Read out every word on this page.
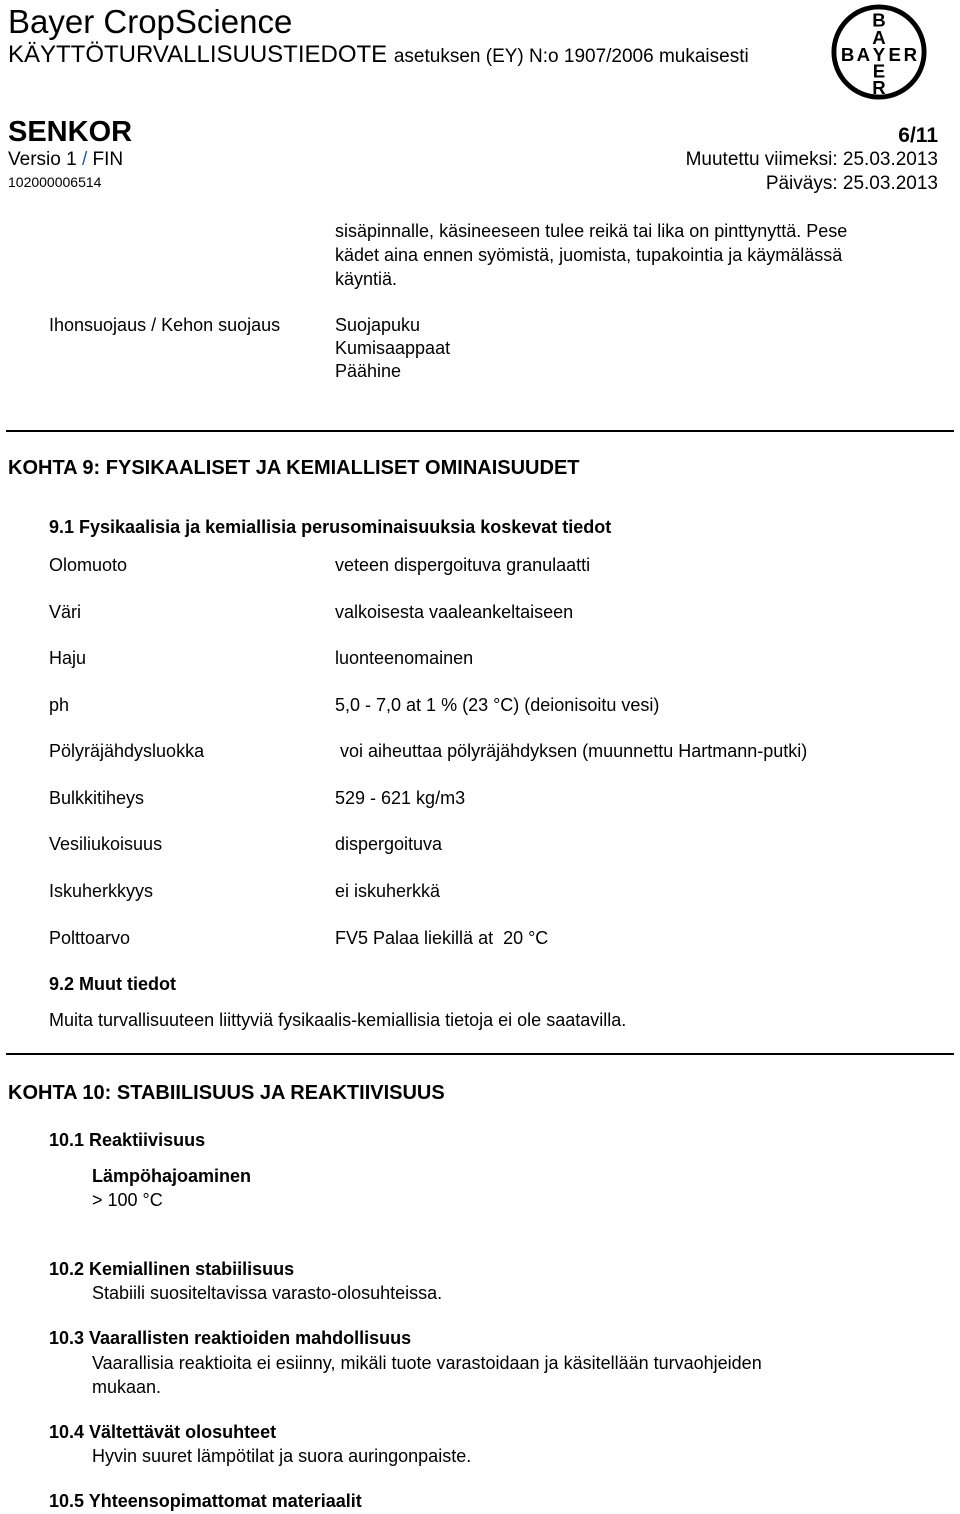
Bayer CropScience
KÄYTTÖTURVALLISUUSTIEDOTE asetuksen (EY) N:o 1907/2006 mukaisesti
B
A
B A Y E R
E
R
SENKOR	6/11
Versio 1 / FIN	Muutettu viimeksi: 25.03.2013
102000006514	Päiväys: 25.03.2013
sisäpinnalle, käsineeseen tulee reikä tai lika on pinttynyttä. Pese
kädet aina ennen syömistä, juomista, tupakointia ja käymälässä
käyntiä.
Ihonsuojaus / Kehon suojaus	Suojapuku
Kumisaappaat
Päähine
KOHTA 9: FYSIKAALISET JA KEMIALLISET OMINAISUUDET
9.1 Fysikaalisia ja kemiallisia perusominaisuuksia koskevat tiedot
Olomuoto	veteen dispergoituva granulaatti
Väri	valkoisesta vaaleankeltaiseen
Haju	luonteenomainen
ph	5,0 - 7,0 at 1 % (23 °C) (deionisoitu vesi)
Pölyräjähdysluokka	voi aiheuttaa pölyräjähdyksen (muunnettu Hartmann-putki)
Bulkkitiheys	529 - 621 kg/m3
Vesiliukoisuus	dispergoituva
Iskuherkkyys	ei iskuherkkä
Polttoarvo	FV5 Palaa liekillä at  20 °C
9.2 Muut tiedot
Muita turvallisuuteen liittyviä fysikaalis-kemiallisia tietoja ei ole saatavilla.
KOHTA 10: STABIILISUUS JA REAKTIIVISUUS
10.1 Reaktiivisuus
Lämpöhajoaminen
> 100 °C
10.2 Kemiallinen stabiilisuus
Stabiili suositeltavissa varasto-olosuhteissa.
10.3 Vaarallisten reaktioiden mahdollisuus
Vaarallisia reaktioita ei esiinny, mikäli tuote varastoidaan ja käsitellään turvaohjeiden
mukaan.
10.4 Vältettävät olosuhteet
Hyvin suuret lämpötilat ja suora auringonpaiste.
10.5 Yhteensopimattomat materiaalit
